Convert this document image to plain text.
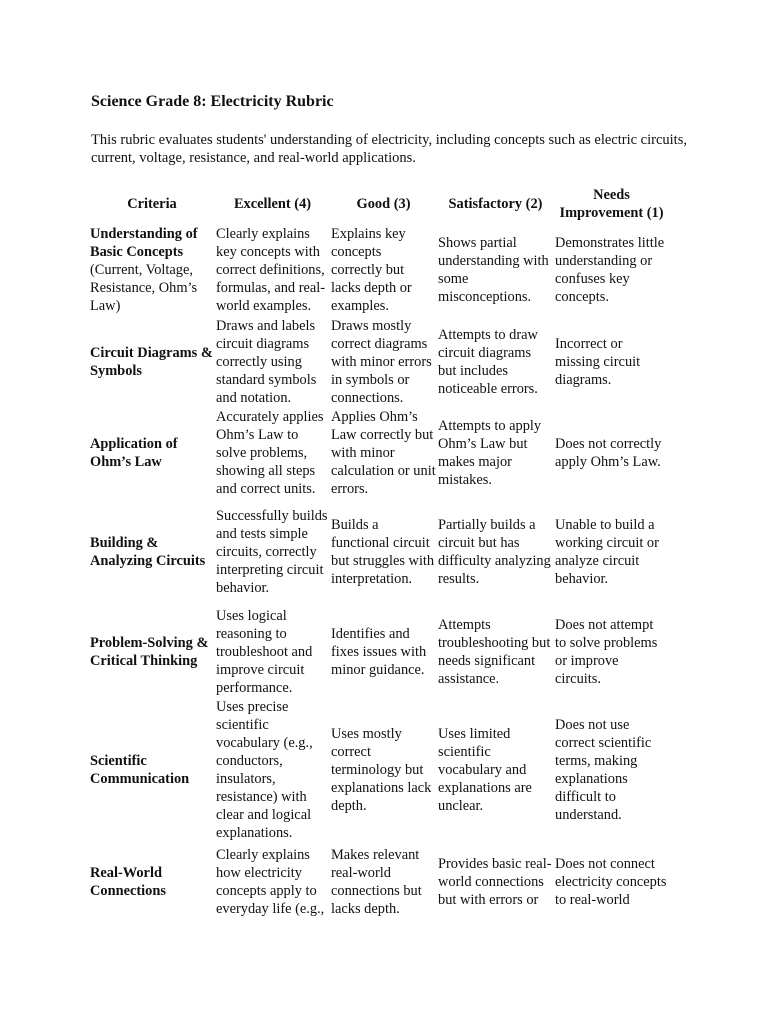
Science Grade 8: Electricity Rubric
This rubric evaluates students' understanding of electricity, including concepts such as electric circuits, current, voltage, resistance, and real-world applications.
Criteria	Excellent (4)	Good (3)	Satisfactory (2)	Needs Improvement (1)
Understanding of Basic Concepts (Current, Voltage, Resistance, Ohm’s Law)	Clearly explains key concepts with correct definitions, formulas, and real-world examples.	Explains key concepts correctly but lacks depth or examples.	Shows partial understanding with some misconceptions.	Demonstrates little understanding or confuses key concepts.
Circuit Diagrams & Symbols	Draws and labels circuit diagrams correctly using standard symbols and notation.	Draws mostly correct diagrams with minor errors in symbols or connections.	Attempts to draw circuit diagrams but includes noticeable errors.	Incorrect or missing circuit diagrams.
Application of Ohm’s Law	Accurately applies Ohm’s Law to solve problems, showing all steps and correct units.	Applies Ohm’s Law correctly but with minor calculation or unit errors.	Attempts to apply Ohm’s Law but makes major mistakes.	Does not correctly apply Ohm’s Law.
Building & Analyzing Circuits	Successfully builds and tests simple circuits, correctly interpreting circuit behavior.	Builds a functional circuit but struggles with interpretation.	Partially builds a circuit but has difficulty analyzing results.	Unable to build a working circuit or analyze circuit behavior.
Problem-Solving & Critical Thinking	Uses logical reasoning to troubleshoot and improve circuit performance.	Identifies and fixes issues with minor guidance.	Attempts troubleshooting but needs significant assistance.	Does not attempt to solve problems or improve circuits.
Scientific Communication	Uses precise scientific vocabulary (e.g., conductors, insulators, resistance) with clear and logical explanations.	Uses mostly correct terminology but explanations lack depth.	Uses limited scientific vocabulary and explanations are unclear.	Does not use correct scientific terms, making explanations difficult to understand.
Real-World Connections	Clearly explains how electricity concepts apply to everyday life (e.g.,	Makes relevant real-world connections but lacks depth.	Provides basic real-world connections but with errors or	Does not connect electricity concepts to real-world
